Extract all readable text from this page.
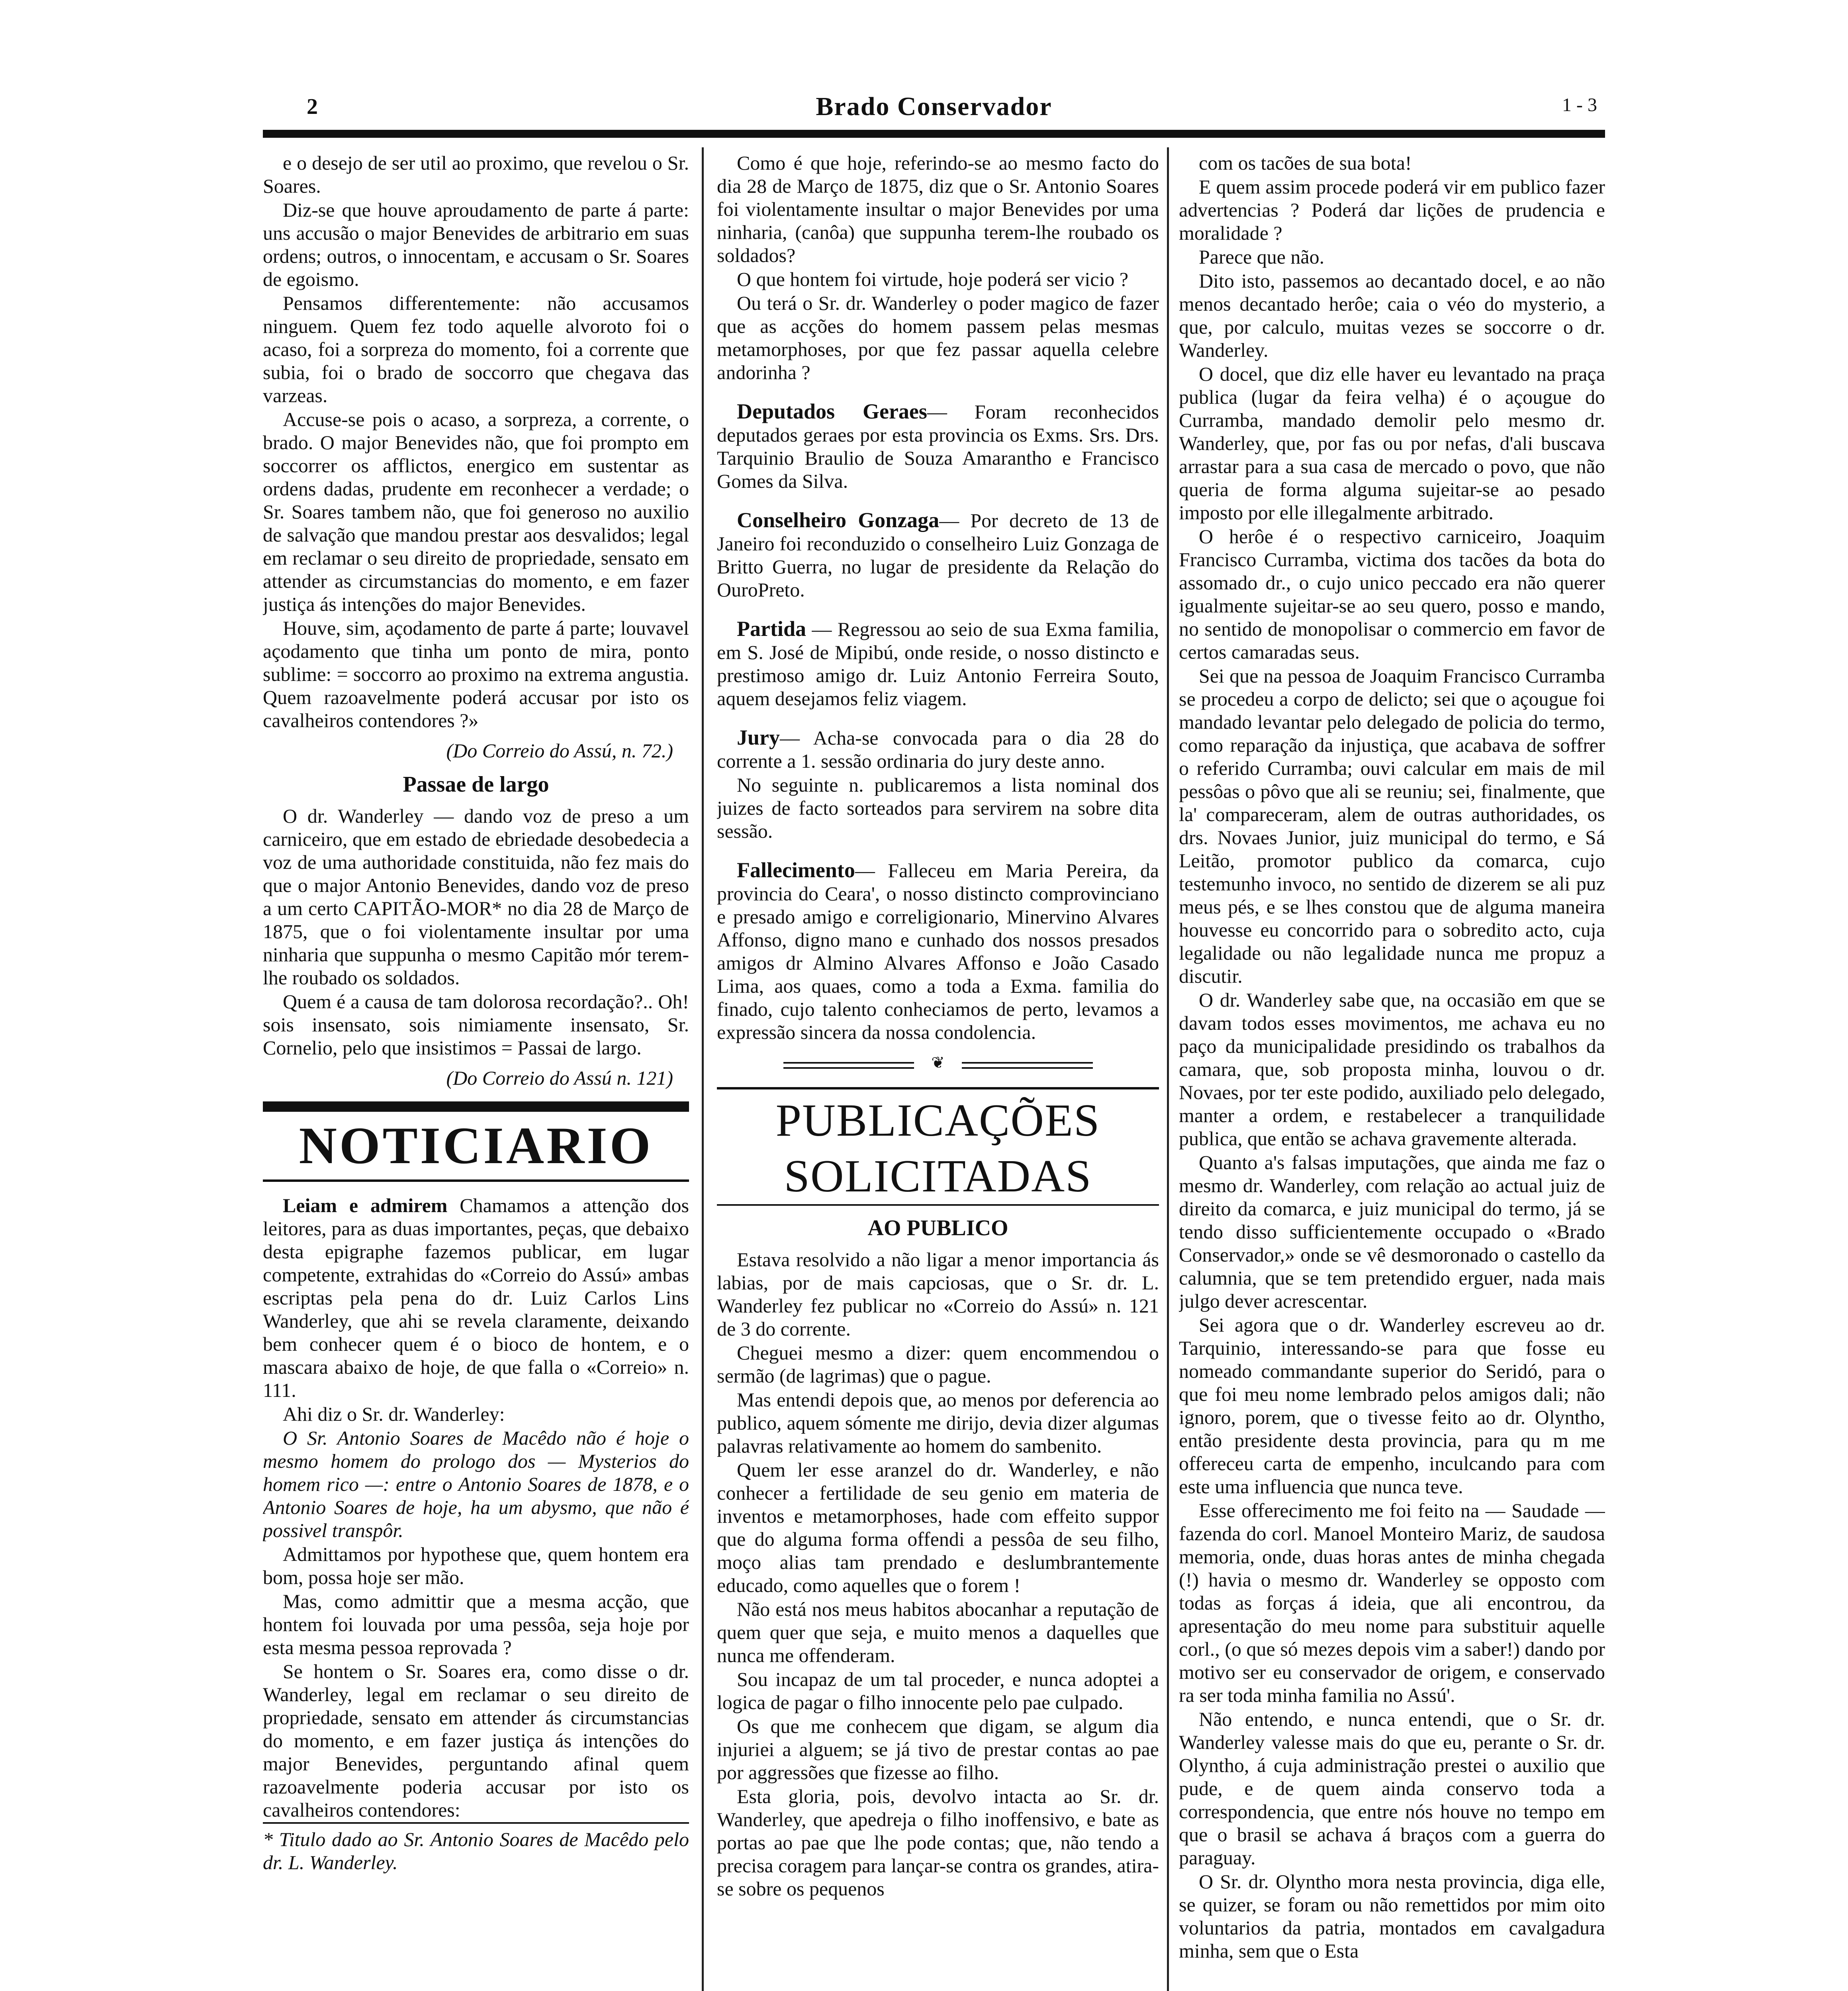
2	Brado Conservador	1 - 3

e o desejo de ser util ao proximo, que revelou o Sr. Soares.

Diz-se que houve aproudamento de parte á parte: uns accusão o major Benevides de arbitrario em suas ordens; outros, o innocentam, e accusam o Sr. Soares de egoismo.

Pensamos differentemente: não accusamos ninguem. Quem fez todo aquelle alvoroto foi o acaso, foi a sorpreza do momento, foi a corrente que subia, foi o brado de soccorro que chegava das varzeas.

Accuse-se pois o acaso, a sorpreza, a corrente, o brado. O major Benevides não, que foi prompto em soccorrer os afflictos, energico em sustentar as ordens dadas, prudente em reconhecer a verdade; o Sr. Soares tambem não, que foi generoso no auxilio de salvação que mandou prestar aos desvalidos; legal em reclamar o seu direito de propriedade, sensato em attender as circumstancias do momento, e em fazer justiça ás intenções do major Benevides.

Houve, sim, açodamento de parte á parte; louvavel açodamento que tinha um ponto de mira, ponto sublime: = soccorro ao proximo na extrema angustia. Quem razoavelmente poderá accusar por isto os cavalheiros contendores ?»

(Do Correio do Assú, n. 72.)

Passae de largo

O dr. Wanderley — dando voz de preso a um carniceiro, que em estado de ebriedade desobedecia a voz de uma authoridade constituida, não fez mais do que o major Antonio Benevides, dando voz de preso a um certo CAPITÃO-MOR* no dia 28 de Março de 1875, que o foi violentamente insultar por uma ninharia que suppunha o mesmo Capitão mór terem-lhe roubado os soldados.

Quem é a causa de tam dolorosa recordação?.. Oh! sois insensato, sois nimiamente insensato, Sr. Cornelio, pelo que insistimos = Passai de largo.

(Do Correio do Assú n. 121)

NOTICIARIO

Leiam e admirem Chamamos a attenção dos leitores, para as duas importantes, peças, que debaixo desta epigraphe fazemos publicar, em lugar competente, extrahidas do «Correio do Assú» ambas escriptas pela pena do dr. Luiz Carlos Lins Wanderley, que ahi se revela claramente, deixando bem conhecer quem é o bioco de hontem, e o mascara abaixo de hoje, de que falla o «Correio» n. 111.

Ahi diz o Sr. dr. Wanderley:

O Sr. Antonio Soares de Macêdo não é hoje o mesmo homem do prologo dos — Mysterios do homem rico —: entre o Antonio Soares de 1878, e o Antonio Soares de hoje, ha um abysmo, que não é possivel transpôr.

Admittamos por hypothese que, quem hontem era bom, possa hoje ser mão.

Mas, como admittir que a mesma acção, que hontem foi louvada por uma pessôa, seja hoje por esta mesma pessoa reprovada ?

Se hontem o Sr. Soares era, como disse o dr. Wanderley, legal em reclamar o seu direito de propriedade, sensato em attender ás circumstancias do momento, e em fazer justiça ás intenções do major Benevides, perguntando afinal quem razoavelmente poderia accusar por isto os cavalheiros contendores:

* Titulo dado ao Sr. Antonio Soares de Macêdo pelo dr. L. Wanderley.

Como é que hoje, referindo-se ao mesmo facto do dia 28 de Março de 1875, diz que o Sr. Antonio Soares foi violentamente insultar o major Benevides por uma ninharia, (canôa) que suppunha terem-lhe roubado os soldados?

O que hontem foi virtude, hoje poderá ser vicio ?

Ou terá o Sr. dr. Wanderley o poder magico de fazer que as acções do homem passem pelas mesmas metamorphoses, por que fez passar aquella celebre andorinha ?

Deputados Geraes— Foram reconhecidos deputados geraes por esta provincia os Exms. Srs. Drs. Tarquinio Braulio de Souza Amarantho e Francisco Gomes da Silva.

Conselheiro Gonzaga— Por decreto de 13 de Janeiro foi reconduzido o conselheiro Luiz Gonzaga de Britto Guerra, no lugar de presidente da Relação do OuroPreto.

Partida — Regressou ao seio de sua Exma familia, em S. José de Mipibú, onde reside, o nosso distincto e prestimoso amigo dr. Luiz Antonio Ferreira Souto, aquem desejamos feliz viagem.

Jury— Acha-se convocada para o dia 28 do corrente a 1. sessão ordinaria do jury deste anno.

No seguinte n. publicaremos a lista nominal dos juizes de facto sorteados para servirem na sobre dita sessão.

Fallecimento— Falleceu em Maria Pereira, da provincia do Ceara', o nosso distincto comprovinciano e presado amigo e correligionario, Minervino Alvares Affonso, digno mano e cunhado dos nossos presados amigos dr Almino Alvares Affonso e João Casado Lima, aos quaes, como a toda a Exma. familia do finado, cujo talento conheciamos de perto, levamos a expressão sincera da nossa condolencia.

❦
PUBLICAÇÕES SOLICITADAS
AO PUBLICO

Estava resolvido a não ligar a menor importancia ás labias, por de mais capciosas, que o Sr. dr. L. Wanderley fez publicar no «Correio do Assú» n. 121 de 3 do corrente.

Cheguei mesmo a dizer: quem encommendou o sermão (de lagrimas) que o pague.

Mas entendi depois que, ao menos por deferencia ao publico, aquem sómente me dirijo, devia dizer algumas palavras relativamente ao homem do sambenito.

Quem ler esse aranzel do dr. Wanderley, e não conhecer a fertilidade de seu genio em materia de inventos e metamorphoses, hade com effeito suppor que do alguma forma offendi a pessôa de seu filho, moço alias tam prendado e deslumbrantemente educado, como aquelles que o forem !

Não está nos meus habitos abocanhar a reputação de quem quer que seja, e muito menos a daquelles que nunca me offenderam.

Sou incapaz de um tal proceder, e nunca adoptei a logica de pagar o filho innocente pelo pae culpado.

Os que me conhecem que digam, se algum dia injuriei a alguem; se já tivo de prestar contas ao pae por aggressões que fizesse ao filho.

Esta gloria, pois, devolvo intacta ao Sr. dr. Wanderley, que apedreja o filho inoffensivo, e bate as portas ao pae que lhe pode contas; que, não tendo a precisa coragem para lançar-se contra os grandes, atira-se sobre os pequenos

com os tacões de sua bota!

E quem assim procede poderá vir em publico fazer advertencias ? Poderá dar lições de prudencia e moralidade ?

Parece que não.

Dito isto, passemos ao decantado docel, e ao não menos decantado herôe; caia o véo do mysterio, a que, por calculo, muitas vezes se soccorre o dr. Wanderley.

O docel, que diz elle haver eu levantado na praça publica (lugar da feira velha) é o açougue do Curramba, mandado demolir pelo mesmo dr. Wanderley, que, por fas ou por nefas, d'ali buscava arrastar para a sua casa de mercado o povo, que não queria de forma alguma sujeitar-se ao pesado imposto por elle illegalmente arbitrado.

O herôe é o respectivo carniceiro, Joaquim Francisco Curramba, victima dos tacões da bota do assomado dr., o cujo unico peccado era não querer igualmente sujeitar-se ao seu quero, posso e mando, no sentido de monopolisar o commercio em favor de certos camaradas seus.

Sei que na pessoa de Joaquim Francisco Curramba se procedeu a corpo de delicto; sei que o açougue foi mandado levantar pelo delegado de policia do termo, como reparação da injustiça, que acabava de soffrer o referido Curramba; ouvi calcular em mais de mil pessôas o pôvo que ali se reuniu; sei, finalmente, que la' compareceram, alem de outras authoridades, os drs. Novaes Junior, juiz municipal do termo, e Sá Leitão, promotor publico da comarca, cujo testemunho invoco, no sentido de dizerem se ali puz meus pés, e se lhes constou que de alguma maneira houvesse eu concorrido para o sobredito acto, cuja legalidade ou não legalidade nunca me propuz a discutir.

O dr. Wanderley sabe que, na occasião em que se davam todos esses movimentos, me achava eu no paço da municipalidade presidindo os trabalhos da camara, que, sob proposta minha, louvou o dr. Novaes, por ter este podido, auxiliado pelo delegado, manter a ordem, e restabelecer a tranquilidade publica, que então se achava gravemente alterada.

Quanto a's falsas imputações, que ainda me faz o mesmo dr. Wanderley, com relação ao actual juiz de direito da comarca, e juiz municipal do termo, já se tendo disso sufficientemente occupado o «Brado Conservador,» onde se vê desmoronado o castello da calumnia, que se tem pretendido erguer, nada mais julgo dever acrescentar.

Sei agora que o dr. Wanderley escreveu ao dr. Tarquinio, interessando-se para que fosse eu nomeado commandante superior do Seridó, para o que foi meu nome lembrado pelos amigos dali; não ignoro, porem, que o tivesse feito ao dr. Olyntho, então presidente desta provincia, para qu m me offereceu carta de empenho, inculcando para com este uma influencia que nunca teve.

Esse offerecimento me foi feito na — Saudade — fazenda do corl. Manoel Monteiro Mariz, de saudosa memoria, onde, duas horas antes de minha chegada (!) havia o mesmo dr. Wanderley se opposto com todas as forças á ideia, que ali encontrou, da apresentação do meu nome para substituir aquelle corl., (o que só mezes depois vim a saber!) dando por motivo ser eu conservador de origem, e conservado ra ser toda minha familia no Assú'.

Não entendo, e nunca entendi, que o Sr. dr. Wanderley valesse mais do que eu, perante o Sr. dr. Olyntho, á cuja administração prestei o auxilio que pude, e de quem ainda conservo toda a correspondencia, que entre nós houve no tempo em que o brasil se achava á braços com a guerra do paraguay.

O Sr. dr. Olyntho mora nesta provincia, diga elle, se quizer, se foram ou não remettidos por mim oito voluntarios da patria, montados em cavalgadura minha, sem que o Esta
